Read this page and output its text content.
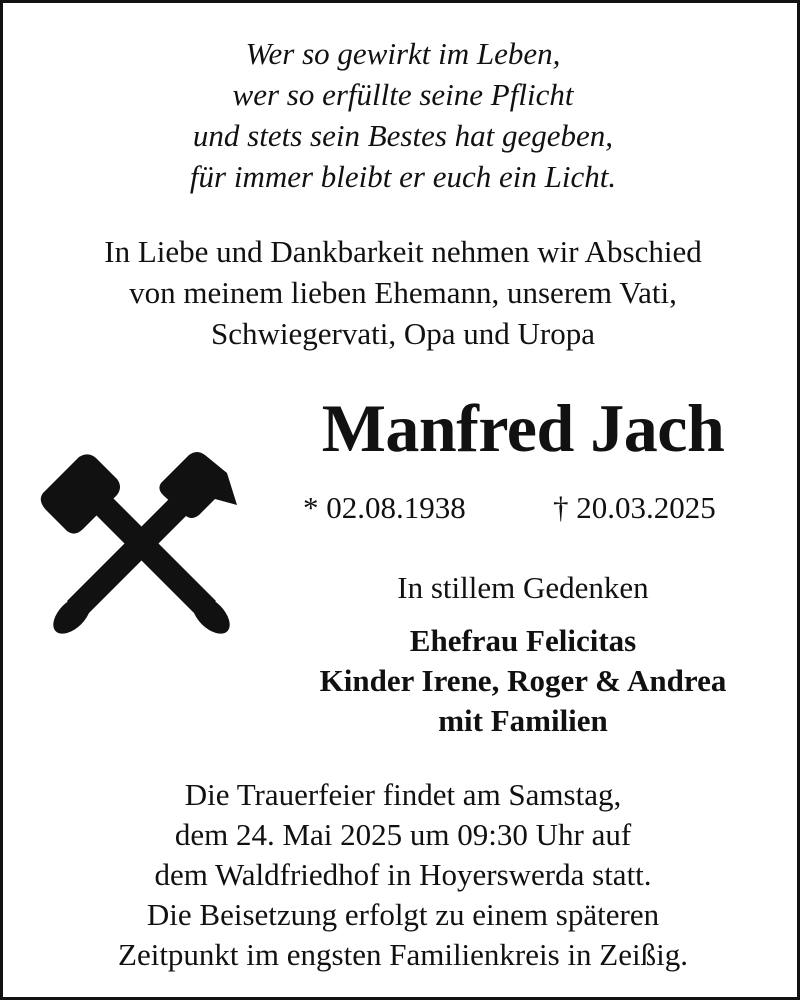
Wer so gewirkt im Leben,
wer so erfüllte seine Pflicht
und stets sein Bestes hat gegeben,
für immer bleibt er euch ein Licht.
In Liebe und Dankbarkeit nehmen wir Abschied
von meinem lieben Ehemann, unserem Vati,
Schwiegervati, Opa und Uropa
Manfred Jach
* 02.08.1938	† 20.03.2025
In stillem Gedenken
Ehefrau Felicitas
Kinder Irene, Roger & Andrea
mit Familien
Die Trauerfeier findet am Samstag,
dem 24. Mai 2025 um 09:30 Uhr auf
dem Waldfriedhof in Hoyerswerda statt.
Die Beisetzung erfolgt zu einem späteren
Zeitpunkt im engsten Familienkreis in Zeißig.
